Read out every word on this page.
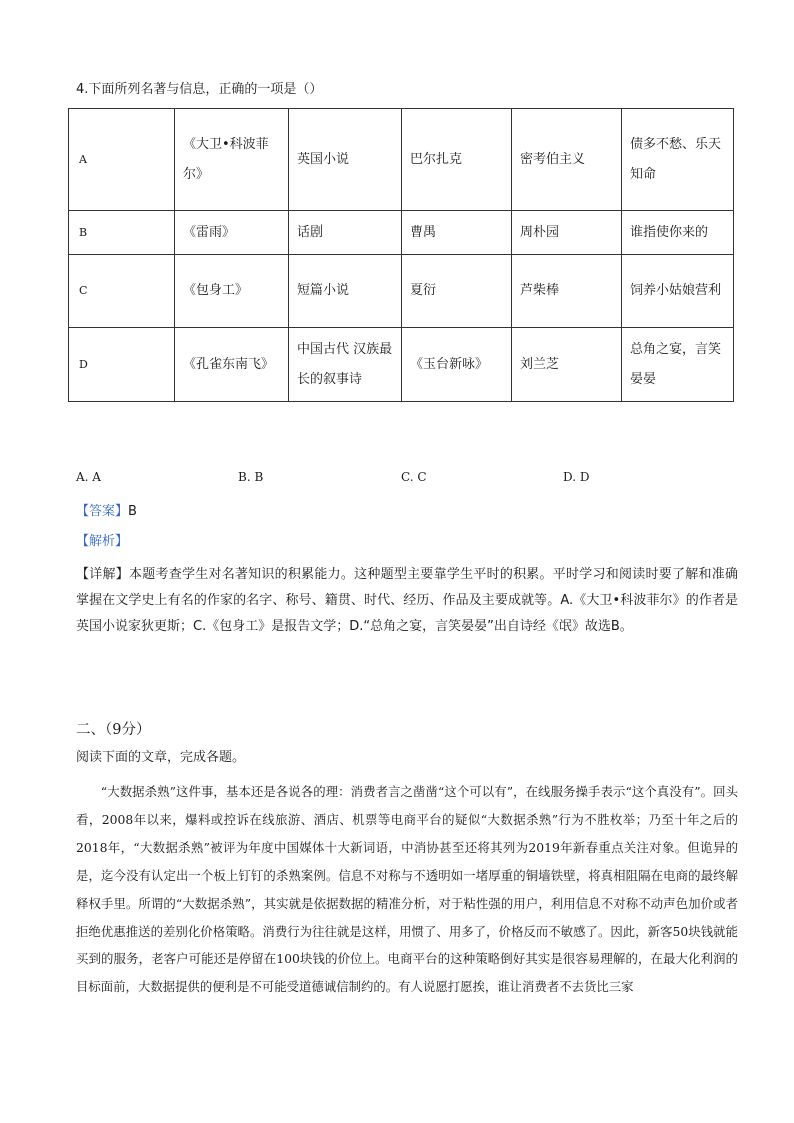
4.下面所列名著与信息，正确的一项是（）
A	《大卫•科波菲尔》	英国小说	巴尔扎克	密考伯主义	债多不愁、乐天知命
B	《雷雨》	话剧	曹禺	周朴园	谁指使你来的
C	《包身工》	短篇小说	夏衍	芦柴棒	饲养小姑娘营利
D	《孔雀东南飞》	中国古代 汉族最长的叙事诗	《玉台新咏》	刘兰芝	总角之宴，言笑晏晏
A. A	B. B	C. C	D. D
【答案】B
【解析】
【详解】本题考查学生对名著知识的积累能力。这种题型主要靠学生平时的积累。平时学习和阅读时要了解和准确掌握在文学史上有名的作家的名字、称号、籍贯、时代、经历、作品及主要成就等。A.《大卫•科波菲尔》的作者是英国小说家狄更斯；C.《包身工》是报告文学；D.“总角之宴，言笑晏晏”出自诗经《氓》故选B。
二、（9分）
阅读下面的文章，完成各题。

“大数据杀熟”这件事，基本还是各说各的理：消费者言之凿凿“这个可以有”，在线服务操手表示“这个真没有”。回头看，2008年以来，爆料或控诉在线旅游、酒店、机票等电商平台的疑似“大数据杀熟”行为不胜枚举；乃至十年之后的2018年，“大数据杀熟”被评为年度中国媒体十大新词语，中消协甚至还将其列为2019年新春重点关注对象。但诡异的是，迄今没有认定出一个板上钉钉的杀熟案例。信息不对称与不透明如一堵厚重的铜墙铁壁，将真相阻隔在电商的最终解释权手里。所谓的“大数据杀熟”，其实就是依据数据的精准分析，对于粘性强的用户，利用信息不对称不动声色加价或者拒绝优惠推送的差别化价格策略。消费行为往往就是这样，用惯了、用多了，价格反而不敏感了。因此，新客50块钱就能买到的服务，老客户可能还是停留在100块钱的价位上。电商平台的这种策略倒好其实是很容易理解的，在最大化利润的目标面前，大数据提供的便利是不可能受道德诚信制约的。有人说愿打愿挨，谁让消费者不去货比三家
